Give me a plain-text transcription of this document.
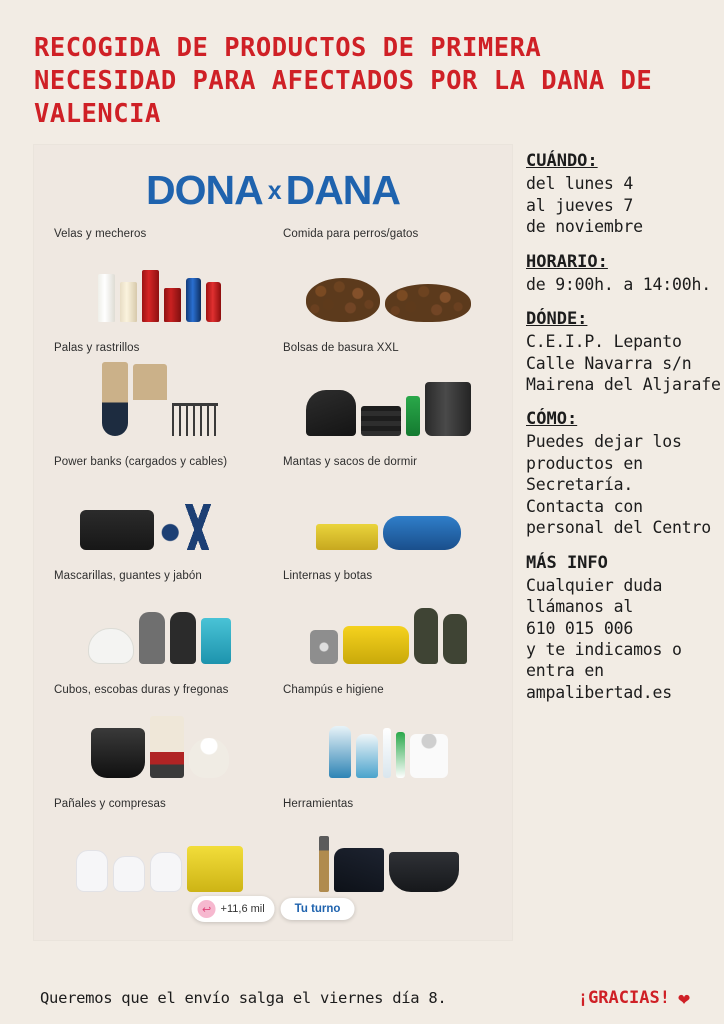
RECOGIDA DE PRODUCTOS DE PRIMERA NECESIDAD PARA AFECTADOS POR LA DANA DE VALENCIA
DONA x DANA
Velas y mecheros	Comida para perros/gatos
Palas y rastrillos	Bolsas de basura XXL
Power banks (cargados y cables)	Mantas y sacos de dormir
Mascarillas, guantes y jabón	Linternas y botas
Cubos, escobas duras y fregonas	Champús e higiene
Pañales y compresas	Herramientas
↩ +11,6 mil	Tu turno
CUÁNDO:

del lunes 4
al jueves 7
de noviembre

HORARIO:

de 9:00h. a 14:00h.

DÓNDE:

C.E.I.P. Lepanto
Calle Navarra s/n
Mairena del Aljarafe

CÓMO:

Puedes dejar los
productos en
Secretaría.
Contacta con
personal del Centro

MÁS INFO

Cualquier duda
llámanos al
610 015 006
y te indicamos o
entra en
ampalibertad.es

Queremos que el envío salga el viernes día 8.	¡GRACIAS! ❤
